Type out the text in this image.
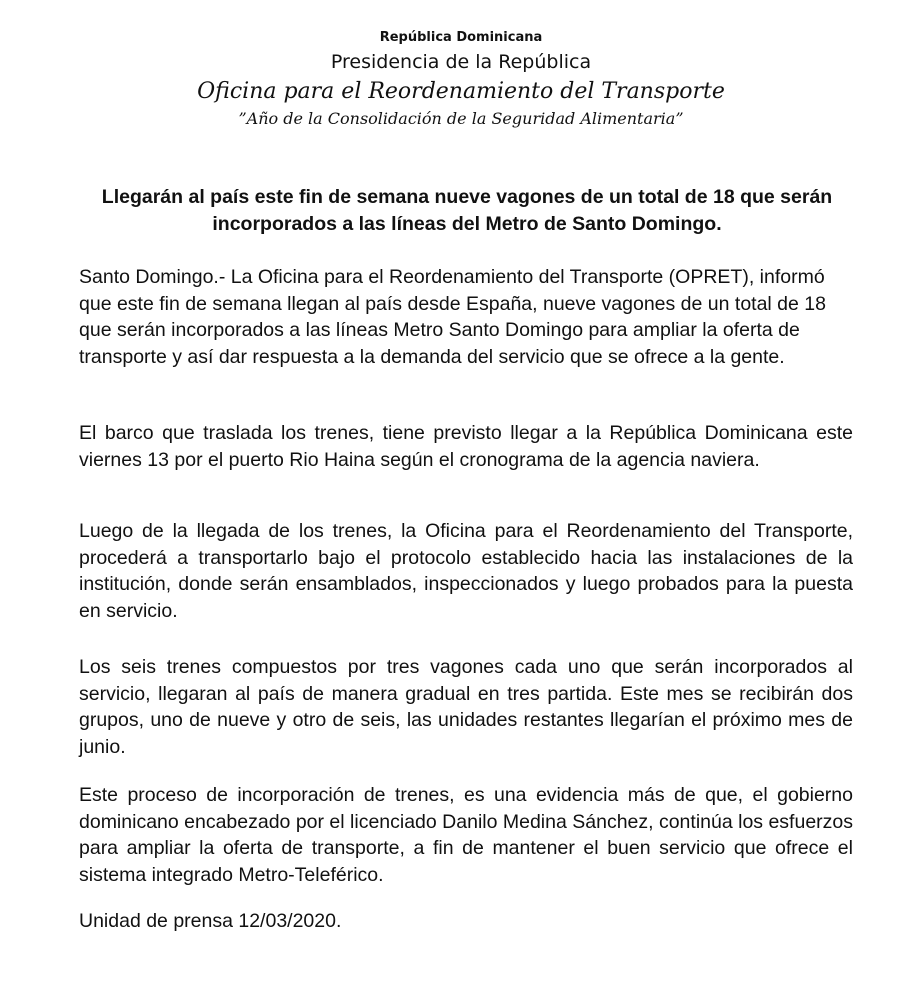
República Dominicana

Presidencia de la República

Oficina para el Reordenamiento del Transporte

”Año de la Consolidación de la Seguridad Alimentaria”

Llegarán al país este fin de semana nueve vagones de un total de 18 que serán incorporados a las líneas del Metro de Santo Domingo.

Santo Domingo.- La Oficina para el Reordenamiento del Transporte (OPRET), informó que este fin de semana llegan al país desde España, nueve vagones de un total de 18 que serán incorporados a las líneas Metro Santo Domingo para ampliar la oferta de transporte y así dar respuesta a la demanda del servicio que se ofrece a la gente.

El barco que traslada los trenes, tiene previsto llegar a la República Dominicana este viernes 13 por el puerto Rio Haina según el cronograma de la agencia naviera.

Luego de la llegada de los trenes, la Oficina para el Reordenamiento del Transporte, procederá a transportarlo bajo el protocolo establecido hacia las instalaciones de la institución, donde serán ensamblados, inspeccionados y luego probados para la puesta en servicio.

Los seis trenes compuestos por tres vagones cada uno que serán incorporados al servicio, llegaran al país de manera gradual en tres partida. Este mes se recibirán dos grupos, uno de nueve y otro de seis, las unidades restantes llegarían el próximo mes de junio.

Este proceso de incorporación de trenes, es una evidencia más de que, el gobierno dominicano encabezado por el licenciado Danilo Medina Sánchez, continúa los esfuerzos para ampliar la oferta de transporte, a fin de mantener el buen servicio que ofrece el sistema integrado Metro-Teleférico.

Unidad de prensa 12/03/2020.
